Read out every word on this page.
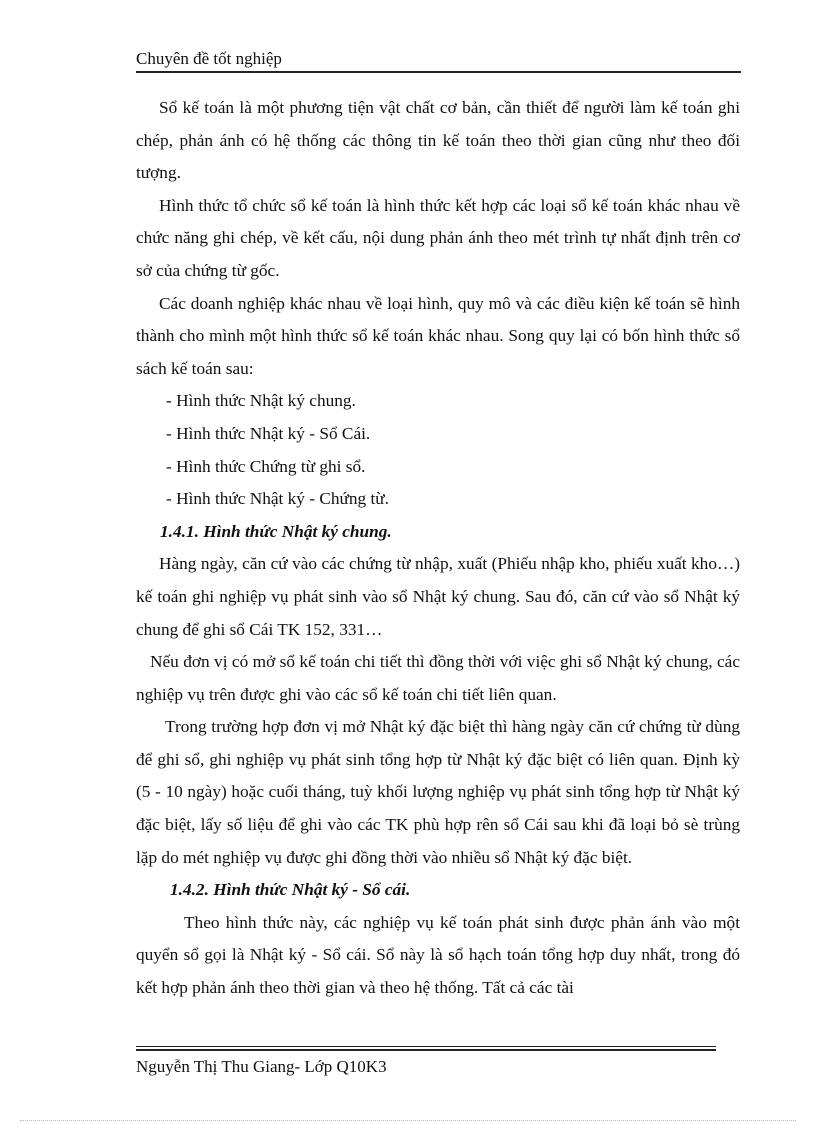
Chuyên đề tốt nghiệp

Sổ kế toán là một phương tiện vật chất cơ bản, cần thiết để người làm kế toán ghi chép, phản ánh có hệ thống các thông tin kế toán theo thời gian cũng như theo đối tượng.

Hình thức tổ chức sổ kế toán là hình thức kết hợp các loại sổ kế toán khác nhau về chức năng ghi chép, về kết cấu, nội dung phản ánh theo mét trình tự nhất định trên cơ sở của chứng từ gốc.

Các doanh nghiệp khác nhau về loại hình, quy mô và các điều kiện kế toán sẽ hình thành cho mình một hình thức sổ kế toán khác nhau. Song quy lại có bốn hình thức sổ sách kế toán sau:

- Hình thức Nhật ký chung.

- Hình thức Nhật ký - Sổ Cái.

- Hình thức Chứng từ ghi sổ.

- Hình thức Nhật ký - Chứng từ.

1.4.1. Hình thức Nhật ký chung.

Hàng ngày, căn cứ vào các chứng từ nhập, xuất (Phiếu nhập kho, phiếu xuất kho…) kế toán ghi nghiệp vụ phát sinh vào sổ Nhật ký chung. Sau đó, căn cứ vào sổ Nhật ký chung để ghi sổ Cái TK 152, 331…

Nếu đơn vị có mở sổ kế toán chi tiết thì đồng thời với việc ghi sổ Nhật ký chung, các nghiệp vụ trên được ghi vào các sổ kế toán chi tiết liên quan.

Trong trường hợp đơn vị mở Nhật ký đặc biệt thì hàng ngày căn cứ chứng từ dùng để ghi sổ, ghi nghiệp vụ phát sinh tổng hợp từ Nhật ký đặc biệt có liên quan. Định kỳ (5 - 10 ngày) hoặc cuối tháng, tuỳ khối lượng nghiệp vụ phát sinh tổng hợp từ Nhật ký đặc biệt, lấy số liệu để ghi vào các TK phù hợp rên sổ Cái sau khi đã loại bỏ sè trùng lặp do mét nghiệp vụ được ghi đồng thời vào nhiều sổ Nhật ký đặc biệt.

1.4.2. Hình thức Nhật ký - Sổ cái.

Theo hình thức này, các nghiệp vụ kế toán phát sinh được phản ánh vào một quyển sổ gọi là Nhật ký - Sổ cái. Sổ này là sổ hạch toán tổng hợp duy nhất, trong đó kết hợp phản ánh theo thời gian và theo hệ thống. Tất cả các tài

Nguyễn Thị Thu Giang- Lớp Q10K3
